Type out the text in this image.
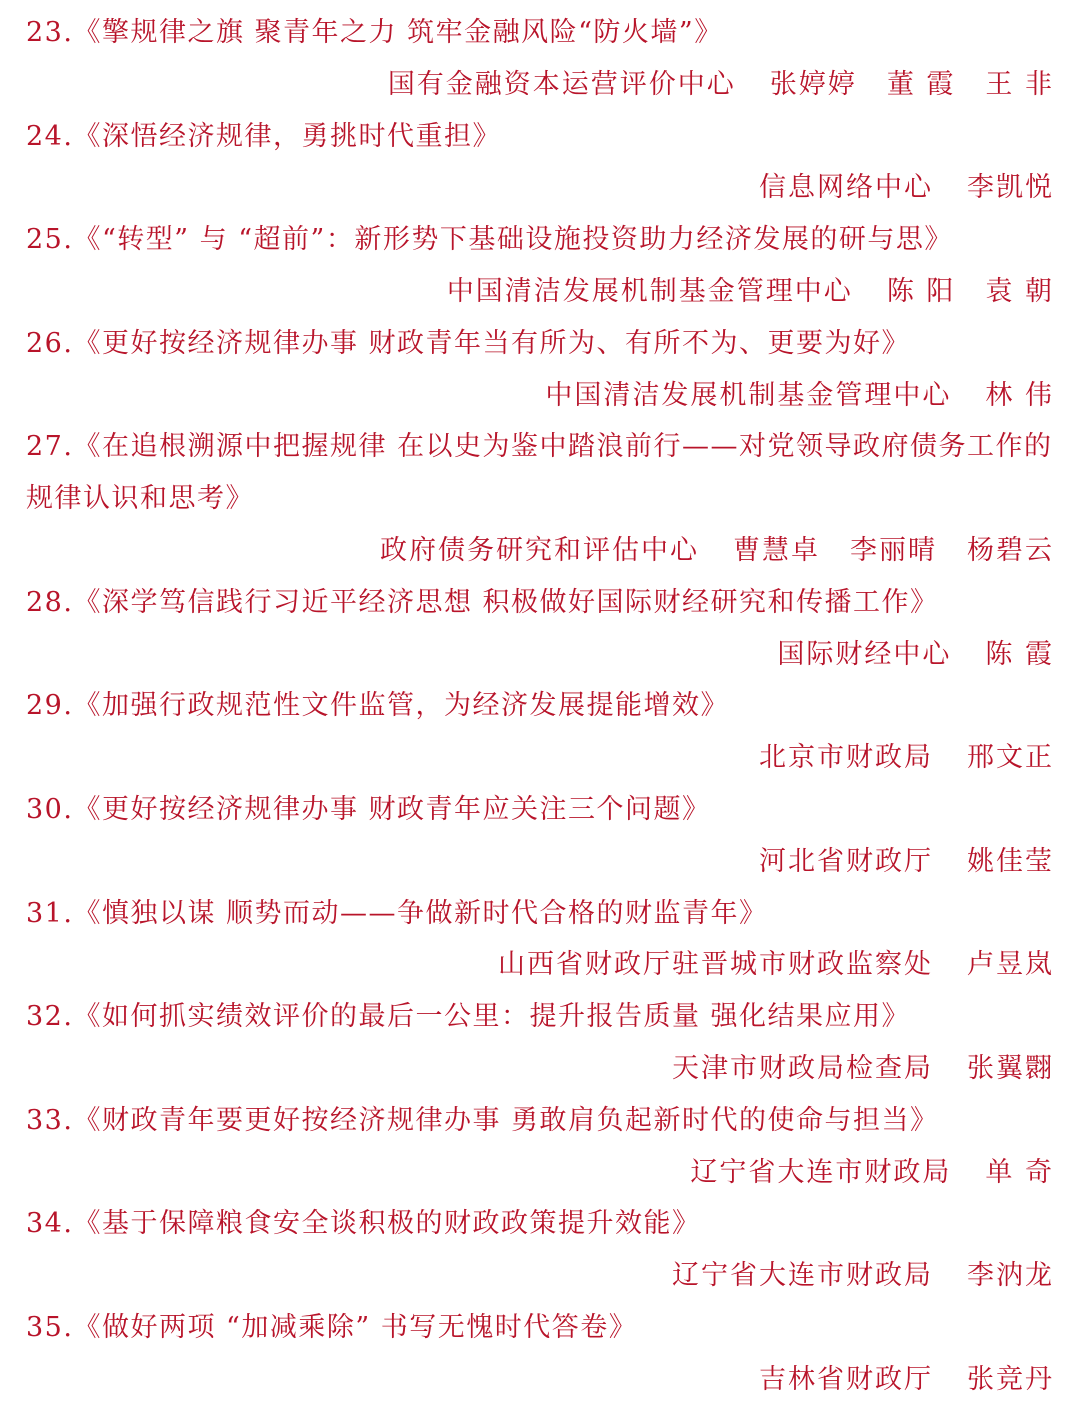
23.《擎规律之旗 聚青年之力 筑牢金融风险“防火墙”》
国有金融资本运营评价中心 张婷婷 董 霞 王 非
24.《深悟经济规律，勇挑时代重担》
信息网络中心 李凯悦
25.《“转型” 与 “超前”：新形势下基础设施投资助力经济发展的研与思》
中国清洁发展机制基金管理中心 陈 阳 袁 朝
26.《更好按经济规律办事 财政青年当有所为、有所不为、更要为好》
中国清洁发展机制基金管理中心 林 伟
27.《在追根溯源中把握规律 在以史为鉴中踏浪前行——对党领导政府债务工作的
规律认识和思考》
政府债务研究和评估中心 曹慧卓 李丽晴 杨碧云
28.《深学笃信践行习近平经济思想 积极做好国际财经研究和传播工作》
国际财经中心 陈 霞
29.《加强行政规范性文件监管，为经济发展提能增效》
北京市财政局 邢文正
30.《更好按经济规律办事 财政青年应关注三个问题》
河北省财政厅 姚佳莹
31.《慎独以谋 顺势而动——争做新时代合格的财监青年》
山西省财政厅驻晋城市财政监察处 卢昱岚
32.《如何抓实绩效评价的最后一公里：提升报告质量 强化结果应用》
天津市财政局检查局 张翼翾
33.《财政青年要更好按经济规律办事 勇敢肩负起新时代的使命与担当》
辽宁省大连市财政局 单 奇
34.《基于保障粮食安全谈积极的财政政策提升效能》
辽宁省大连市财政局 李汭龙
35.《做好两项 “加减乘除” 书写无愧时代答卷》
吉林省财政厅 张竞丹
